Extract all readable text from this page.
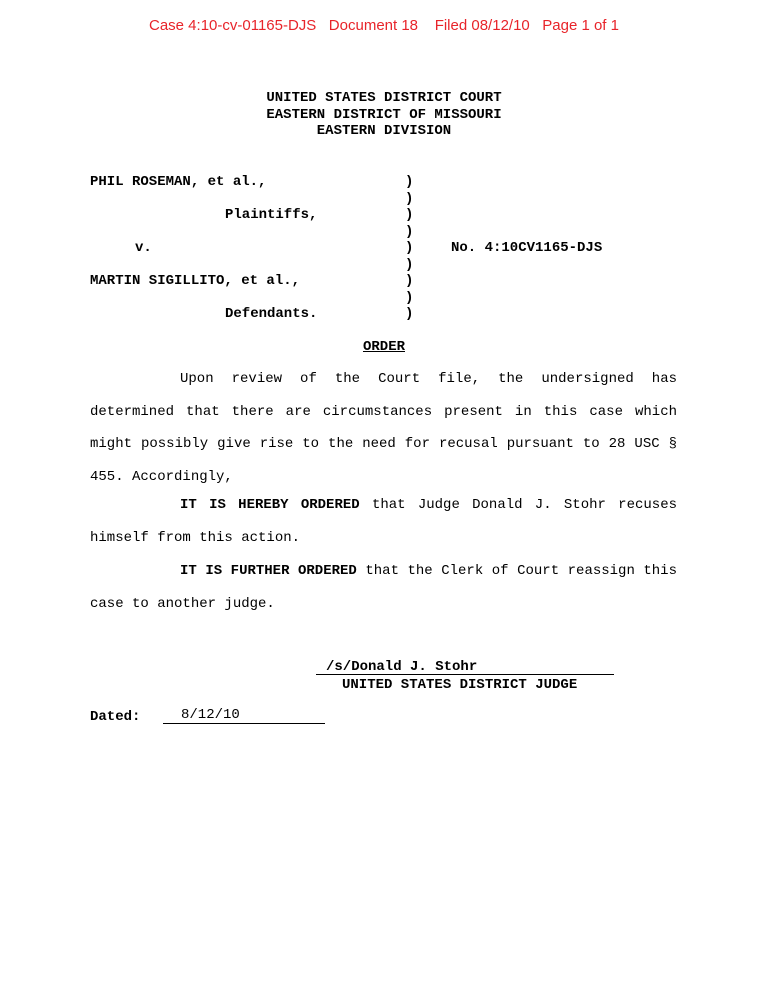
Case 4:10-cv-01165-DJS   Document 18    Filed 08/12/10   Page 1 of 1
UNITED STATES DISTRICT COURT
EASTERN DISTRICT OF MISSOURI
EASTERN DIVISION
PHIL ROSEMAN, et al.,
Plaintiffs,
v.
MARTIN SIGILLITO, et al.,
Defendants.
)
)
)
)
)
)
)
)
)
No. 4:10CV1165-DJS
ORDER
Upon review of the Court file, the undersigned has determined that there are circumstances present in this case which might possibly give rise to the need for recusal pursuant to 28 USC § 455. Accordingly,
IT IS HEREBY ORDERED that Judge Donald J. Stohr recuses himself from this action.
IT IS FURTHER ORDERED that the Clerk of Court reassign this case to another judge.
/s/Donald J. Stohr
UNITED STATES DISTRICT JUDGE
Dated:	8/12/10
